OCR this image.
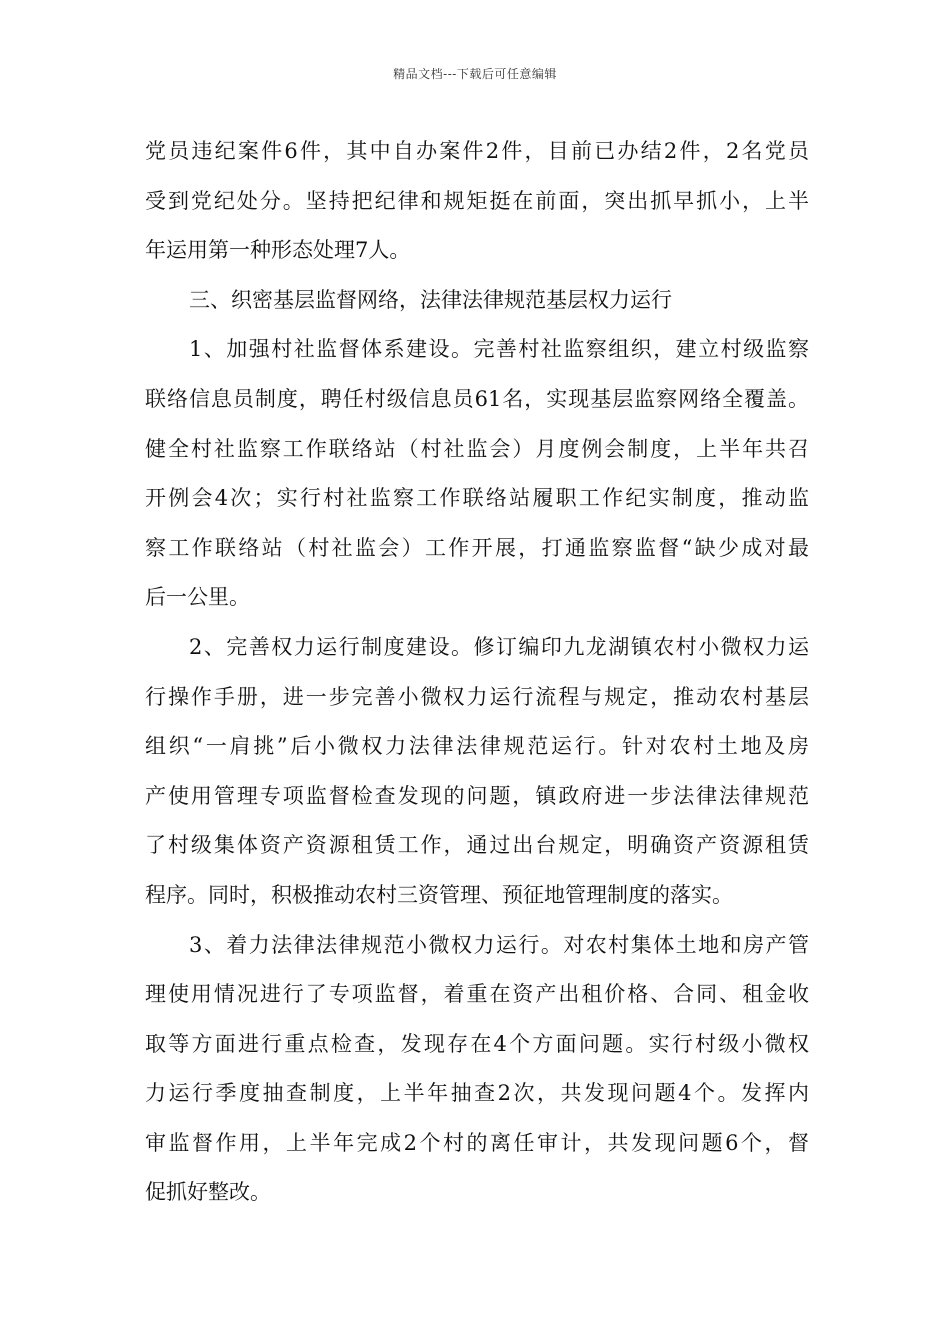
精品文档---下载后可任意编辑
党员违纪案件6件，其中自办案件2件，目前已办结2件，2名党员
受到党纪处分。坚持把纪律和规矩挺在前面，突出抓早抓小，上半
年运用第一种形态处理7人。
三、织密基层监督网络，法律法律规范基层权力运行
1、加强村社监督体系建设。完善村社监察组织，建立村级监察
联络信息员制度，聘任村级信息员61名，实现基层监察网络全覆盖。
健全村社监察工作联络站（村社监会）月度例会制度，上半年共召
开例会4次；实行村社监察工作联络站履职工作纪实制度，推动监
察工作联络站（村社监会）工作开展，打通监察监督“缺少成对最
后一公里。
2、完善权力运行制度建设。修订编印九龙湖镇农村小微权力运
行操作手册，进一步完善小微权力运行流程与规定，推动农村基层
组织“一肩挑”后小微权力法律法律规范运行。针对农村土地及房
产使用管理专项监督检查发现的问题，镇政府进一步法律法律规范
了村级集体资产资源租赁工作，通过出台规定，明确资产资源租赁
程序。同时，积极推动农村三资管理、预征地管理制度的落实。
3、着力法律法律规范小微权力运行。对农村集体土地和房产管
理使用情况进行了专项监督，着重在资产出租价格、合同、租金收
取等方面进行重点检查，发现存在4个方面问题。实行村级小微权
力运行季度抽查制度，上半年抽查2次，共发现问题4个。发挥内
审监督作用，上半年完成2个村的离任审计，共发现问题6个，督
促抓好整改。
